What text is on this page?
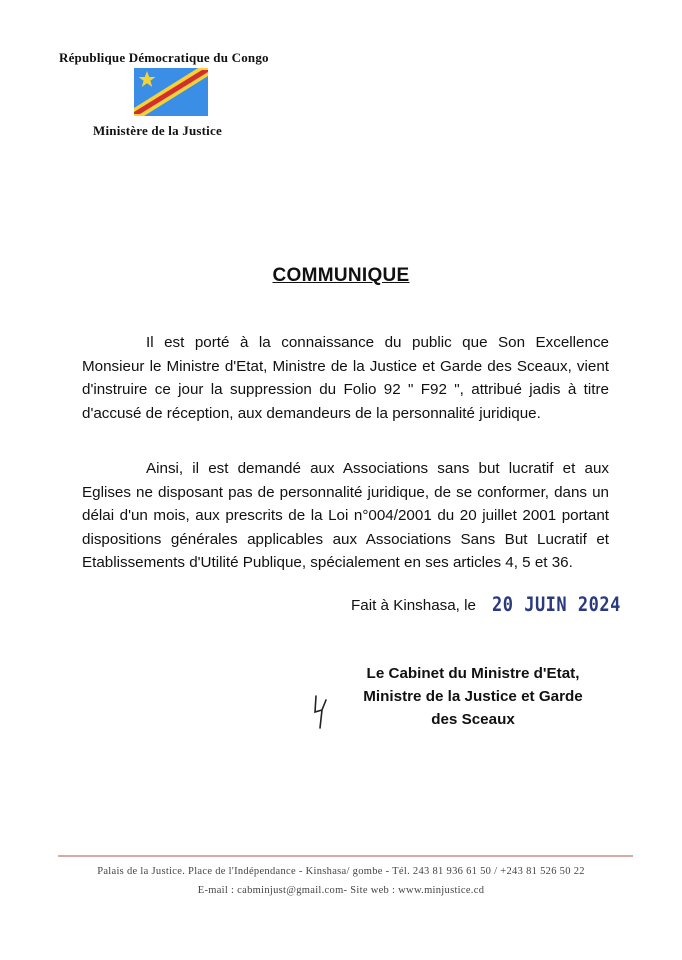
République Démocratique du Congo
Ministère de la Justice
COMMUNIQUE

Il est porté à la connaissance du public que Son Excellence Monsieur le Ministre d'Etat, Ministre de la Justice et Garde des Sceaux, vient d'instruire ce jour la suppression du Folio 92 " F92 ", attribué jadis à titre d'accusé de réception, aux demandeurs de la personnalité juridique.

Ainsi, il est demandé aux Associations sans but lucratif et aux Eglises ne disposant pas de personnalité juridique, de se conformer, dans un délai d'un mois, aux prescrits de la Loi n°004/2001 du 20 juillet 2001 portant dispositions générales applicables aux Associations Sans But Lucratif et Etablissements d'Utilité Publique, spécialement en ses articles 4, 5 et 36.

Fait à Kinshasa, le 20 JUIN 2024
Le Cabinet du Ministre d'Etat,
Ministre de la Justice et Garde
des Sceaux
Palais de la Justice. Place de l'Indépendance - Kinshasa/ gombe - Tél. 243 81 936 61 50 / +243 81 526 50 22
E-mail : cabminjust@gmail.com- Site web : www.minjustice.cd
